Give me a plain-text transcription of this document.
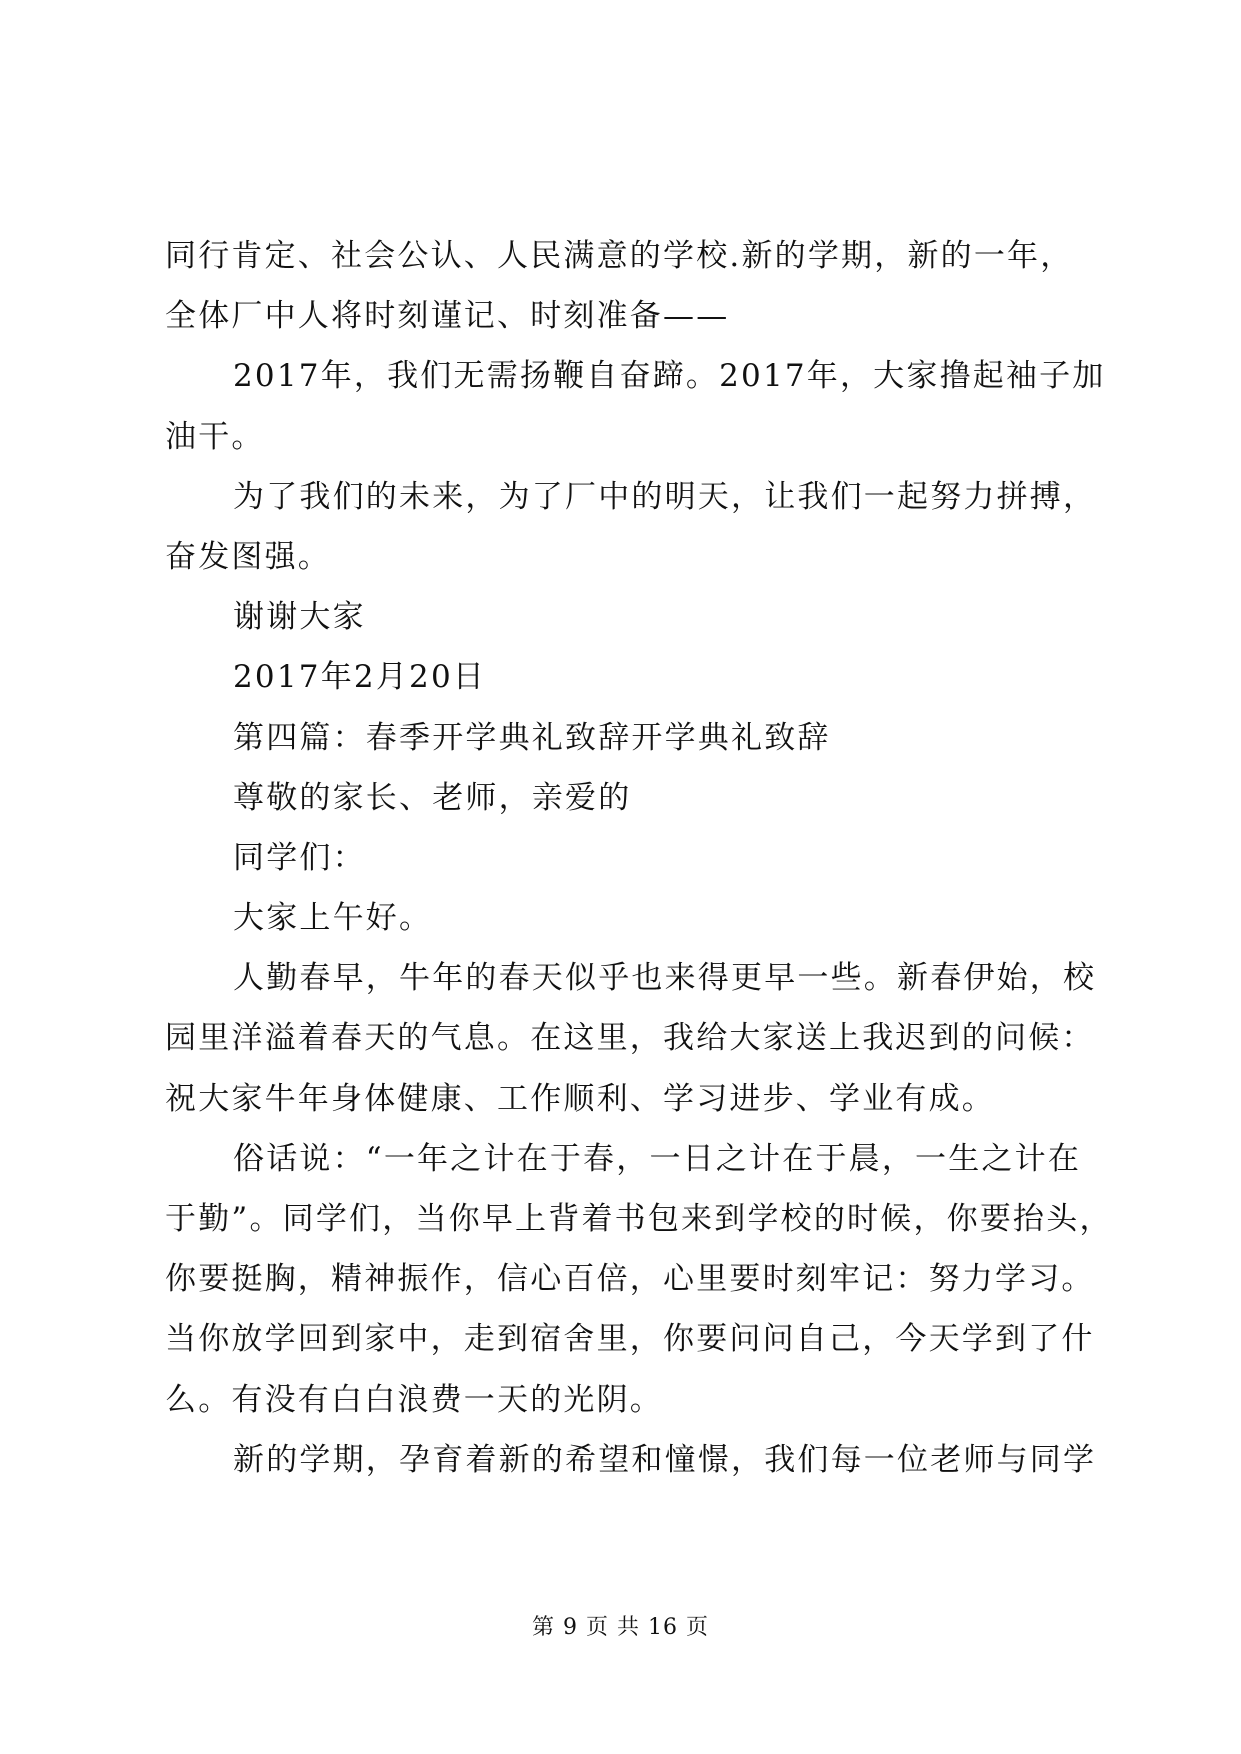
同行肯定、社会公认、人民满意的学校.新的学期，新的一年，
全体厂中人将时刻谨记、时刻准备——
2017年，我们无需扬鞭自奋蹄。2017年，大家撸起袖子加
油干。
为了我们的未来，为了厂中的明天，让我们一起努力拼搏，
奋发图强。
谢谢大家
2017年2月20日
第四篇：春季开学典礼致辞开学典礼致辞
尊敬的家长、老师，亲爱的
同学们：
大家上午好。
人勤春早，牛年的春天似乎也来得更早一些。新春伊始，校
园里洋溢着春天的气息。在这里，我给大家送上我迟到的问候：
祝大家牛年身体健康、工作顺利、学习进步、学业有成。
俗话说：“一年之计在于春，一日之计在于晨，一生之计在
于勤”。同学们，当你早上背着书包来到学校的时候，你要抬头，
你要挺胸，精神振作，信心百倍，心里要时刻牢记：努力学习。
当你放学回到家中，走到宿舍里，你要问问自己，今天学到了什
么。有没有白白浪费一天的光阴。
新的学期，孕育着新的希望和憧憬，我们每一位老师与同学
第 9 页 共 16 页
